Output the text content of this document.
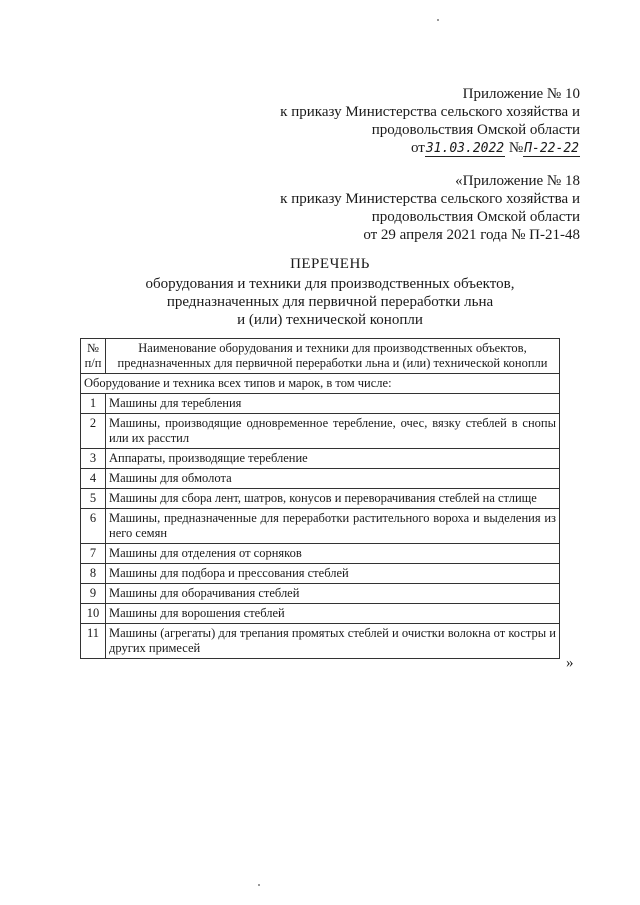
Приложение № 10
к приказу Министерства сельского хозяйства и
продовольствия Омской области
от31.03.2022 №П-22-22
«Приложение № 18
к приказу Министерства сельского хозяйства и
продовольствия Омской области
от 29 апреля 2021 года № П-21-48
ПЕРЕЧЕНЬ
оборудования и техники для производственных объектов,
предназначенных для первичной переработки льна
и (или) технической конопли
№ п/п	Наименование оборудования и техники для производственных объектов, предназначенных для первичной переработки льна и (или) технической конопли
Оборудование и техника всех типов и марок, в том числе:	
1	Машины для теребления
2	Машины, производящие одновременное теребление, очес, вязку стеблей в снопы или их расстил
3	Аппараты, производящие теребление
4	Машины для обмолота
5	Машины для сбора лент, шатров, конусов и переворачивания стеблей на стлище
6	Машины, предназначенные для переработки растительного вороха и выделения из него семян
7	Машины для отделения от сорняков
8	Машины для подбора и прессования стеблей
9	Машины для оборачивания стеблей
10	Машины для ворошения стеблей
11	Машины (агрегаты) для трепания промятых стеблей и очистки волокна от костры и других примесей
»
